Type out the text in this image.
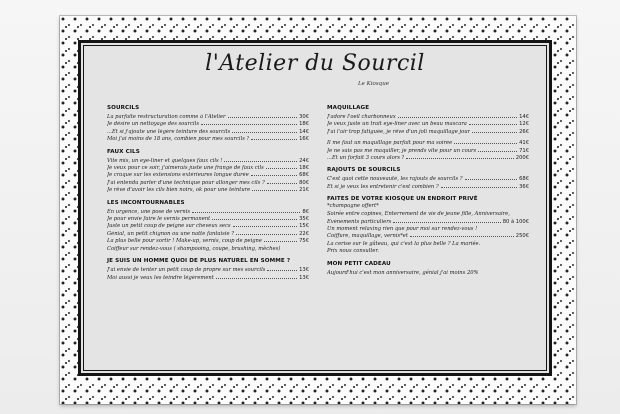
l'Atelier du Sourcil
Le Kiosque
SOURCILS
La parfaite restructuration comme à l'Atelier	30€
Je désire un nettoyage des sourcils	18€
...Et si j'ajoute une légère teinture des sourcils	14€
Moi j'ai moins de 18 ans, combien pour mes sourcils ?	16€
FAUX CILS
Vite mis, un eye-liner et quelques faux cils !	24€
Je veux pour ce soir, j'aimerais juste une frange de faux cils	18€
Je craque sur les extensions extérieures longue durée	68€
J'ai entendu parler d'une technique pour allonger mes cils ?	80€
Je rêve d'avoir les cils bien noirs, ok pour une teinture	21€
LES INCONTOURNABLES
En urgence, une pose de vernis	8€
Je pour envie faire le vernis permanent	35€
Juste un petit coup de peigne sur cheveux secs	15€
Génial, un petit chignon ou une natte fantaisie ?	22€
La plus belle pour sortir ! Make-up, vernis, coup de peigne	75€
Coiffeur sur rendez-vous ( shampooing, coupe, brushing, mèches)
JE SUIS UN HOMME QUOI DE PLUS NATUREL EN SOMME ?
J'ai envie de tenter un petit coup de propre sur mes sourcils	13€
Moi aussi je veux les teindre légèrement	13€
MAQUILLAGE
J'adore l'oeil charbonneux	14€
Je veux juste un trait eye-liner avec un beau mascara	12€
J'ai l'air trop fatiguée, je rêve d'un joli maquillage jour	26€
Il me faut un maquillage parfait pour ma soirée	41€
Je ne sais pas me maquiller, je prends vite pour un cours	71€
...Et un forfait 3 cours alors ?	200€
RAJOUTS DE SOURCILS
C'est quoi cette nouveauté, les rajouts de sourcils ?	68€
Et si je veux les entretenir c'est combien ?	36€
FAITES DE VOTRE KIOSQUE UN ENDROIT PRIVÉ
*champagne offert*
Soirée entre copines, Enterrement de vie de jeune fille, Anniversaire,
Evènements particuliers	80 à 100€
Un moment relaxing rien que pour moi sur rendez-vous !
Coiffure, maquillage, vernis*et	250€
La cerise sur le gâteau, qui c'est la plus belle ? La mariée.
Prix nous consulter.
MON PETIT CADEAU
Aujourd'hui c'est mon anniversaire, génial j'ai moins 20%
